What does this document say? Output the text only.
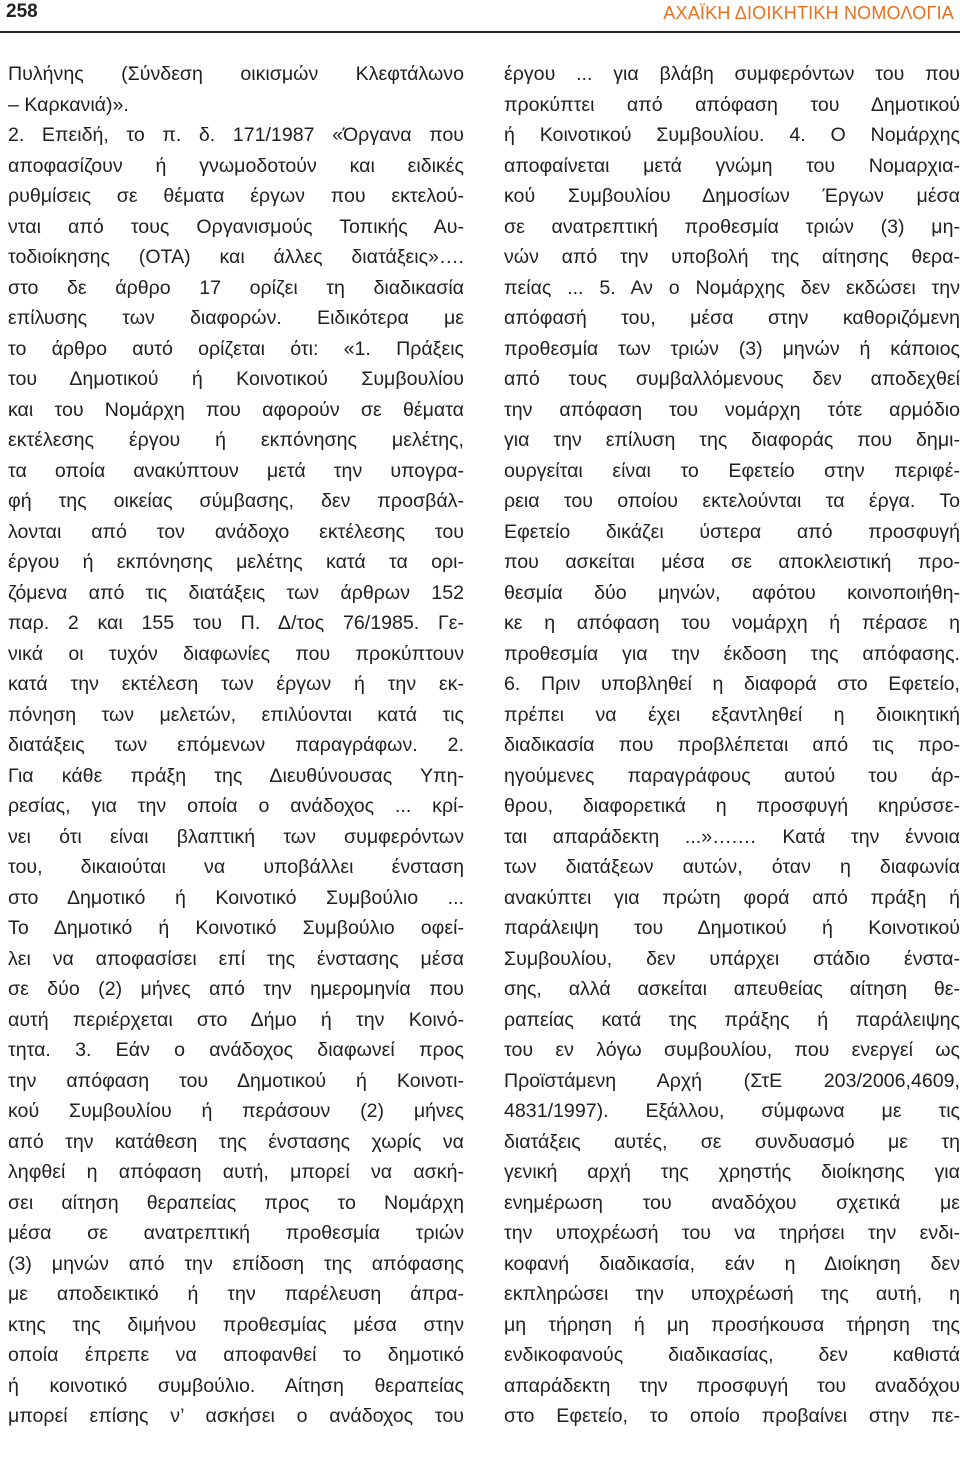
258	ΑΧΑΪΚΗ ΔΙΟΙΚΗΤΙΚΗ ΝΟΜΟΛΟΓΙΑ
Πυλήνης (Σύνδεση οικισμών Κλεφτάλωνο
– Καρκανιά)».
2. Επειδή, το π. δ. 171/1987 «Όργανα που
αποφασίζουν ή γνωμοδοτούν και ειδικές
ρυθμίσεις σε θέματα έργων που εκτελού-
νται από τους Οργανισμούς Τοπικής Αυ-
τοδιοίκησης (ΟΤΑ) και άλλες διατάξεις»….
στο δε άρθρο 17 ορίζει τη διαδικασία
επίλυσης των διαφορών. Ειδικότερα με
το άρθρο αυτό ορίζεται ότι: «1. Πράξεις
του Δημοτικού ή Κοινοτικού Συμβουλίου
και του Νομάρχη που αφορούν σε θέματα
εκτέλεσης έργου ή εκπόνησης μελέτης,
τα οποία ανακύπτουν μετά την υπογρα-
φή της οικείας σύμβασης, δεν προσβάλ-
λονται από τον ανάδοχο εκτέλεσης του
έργου ή εκπόνησης μελέτης κατά τα ορι-
ζόμενα από τις διατάξεις των άρθρων 152
παρ. 2 και 155 του Π. Δ/τος 76/1985. Γε-
νικά οι τυχόν διαφωνίες που προκύπτουν
κατά την εκτέλεση των έργων ή την εκ-
πόνηση των μελετών, επιλύονται κατά τις
διατάξεις των επόμενων παραγράφων. 2.
Για κάθε πράξη της Διευθύνουσας Υπη-
ρεσίας, για την οποία ο ανάδοχος ... κρί-
νει ότι είναι βλαπτική των συμφερόντων
του, δικαιούται να υποβάλλει ένσταση
στο Δημοτικό ή Κοινοτικό Συμβούλιο ...
Το Δημοτικό ή Κοινοτικό Συμβούλιο οφεί-
λει να αποφασίσει επί της ένστασης μέσα
σε δύο (2) μήνες από την ημερομηνία που
αυτή περιέρχεται στο Δήμο ή την Κοινό-
τητα. 3. Εάν ο ανάδοχος διαφωνεί προς
την απόφαση του Δημοτικού ή Κοινοτι-
κού Συμβουλίου ή περάσουν (2) μήνες
από την κατάθεση της ένστασης χωρίς να
ληφθεί η απόφαση αυτή, μπορεί να ασκή-
σει αίτηση θεραπείας προς το Νομάρχη
μέσα σε ανατρεπτική προθεσμία τριών
(3) μηνών από την επίδοση της απόφασης
με αποδεικτικό ή την παρέλευση άπρα-
κτης της διμήνου προθεσμίας μέσα στην
οποία έπρεπε να αποφανθεί το δημοτικό
ή κοινοτικό συμβούλιο. Αίτηση θεραπείας
μπορεί επίσης ν’ ασκήσει ο ανάδοχος του
έργου ... για βλάβη συμφερόντων του που
προκύπτει από απόφαση του Δημοτικού
ή Κοινοτικού Συμβουλίου. 4. Ο Νομάρχης
αποφαίνεται μετά γνώμη του Νομαρχια-
κού Συμβουλίου Δημοσίων Έργων μέσα
σε ανατρεπτική προθεσμία τριών (3) μη-
νών από την υποβολή της αίτησης θερα-
πείας ... 5. Αν ο Νομάρχης δεν εκδώσει την
απόφασή του, μέσα στην καθοριζόμενη
προθεσμία των τριών (3) μηνών ή κάποιος
από τους συμβαλλόμενους δεν αποδεχθεί
την απόφαση του νομάρχη τότε αρμόδιο
για την επίλυση της διαφοράς που δημι-
ουργείται είναι το Εφετείο στην περιφέ-
ρεια του οποίου εκτελούνται τα έργα. Το
Εφετείο δικάζει ύστερα από προσφυγή
που ασκείται μέσα σε αποκλειστική προ-
θεσμία δύο μηνών, αφότου κοινοποιήθη-
κε η απόφαση του νομάρχη ή πέρασε η
προθεσμία για την έκδοση της απόφασης.
6. Πριν υποβληθεί η διαφορά στο Εφετείο,
πρέπει να έχει εξαντληθεί η διοικητική
διαδικασία που προβλέπεται από τις προ-
ηγούμενες παραγράφους αυτού του άρ-
θρου, διαφορετικά η προσφυγή κηρύσσε-
ται απαράδεκτη ...»….… Κατά την έννοια
των διατάξεων αυτών, όταν η διαφωνία
ανακύπτει για πρώτη φορά από πράξη ή
παράλειψη του Δημοτικού ή Κοινοτικού
Συμβουλίου, δεν υπάρχει στάδιο ένστα-
σης, αλλά ασκείται απευθείας αίτηση θε-
ραπείας κατά της πράξης ή παράλειψης
του εν λόγω συμβουλίου, που ενεργεί ως
Προϊστάμενη Αρχή (ΣτΕ 203/2006,4609,
4831/1997). Εξάλλου, σύμφωνα με τις
διατάξεις αυτές, σε συνδυασμό με τη
γενική αρχή της χρηστής διοίκησης για
ενημέρωση του αναδόχου σχετικά με
την υποχρέωσή του να τηρήσει την ενδι-
κοφανή διαδικασία, εάν η Διοίκηση δεν
εκπληρώσει την υποχρέωσή της αυτή, η
μη τήρηση ή μη προσήκουσα τήρηση της
ενδικοφανούς διαδικασίας, δεν καθιστά
απαράδεκτη την προσφυγή του αναδόχου
στο Εφετείο, το οποίο προβαίνει στην πε-
